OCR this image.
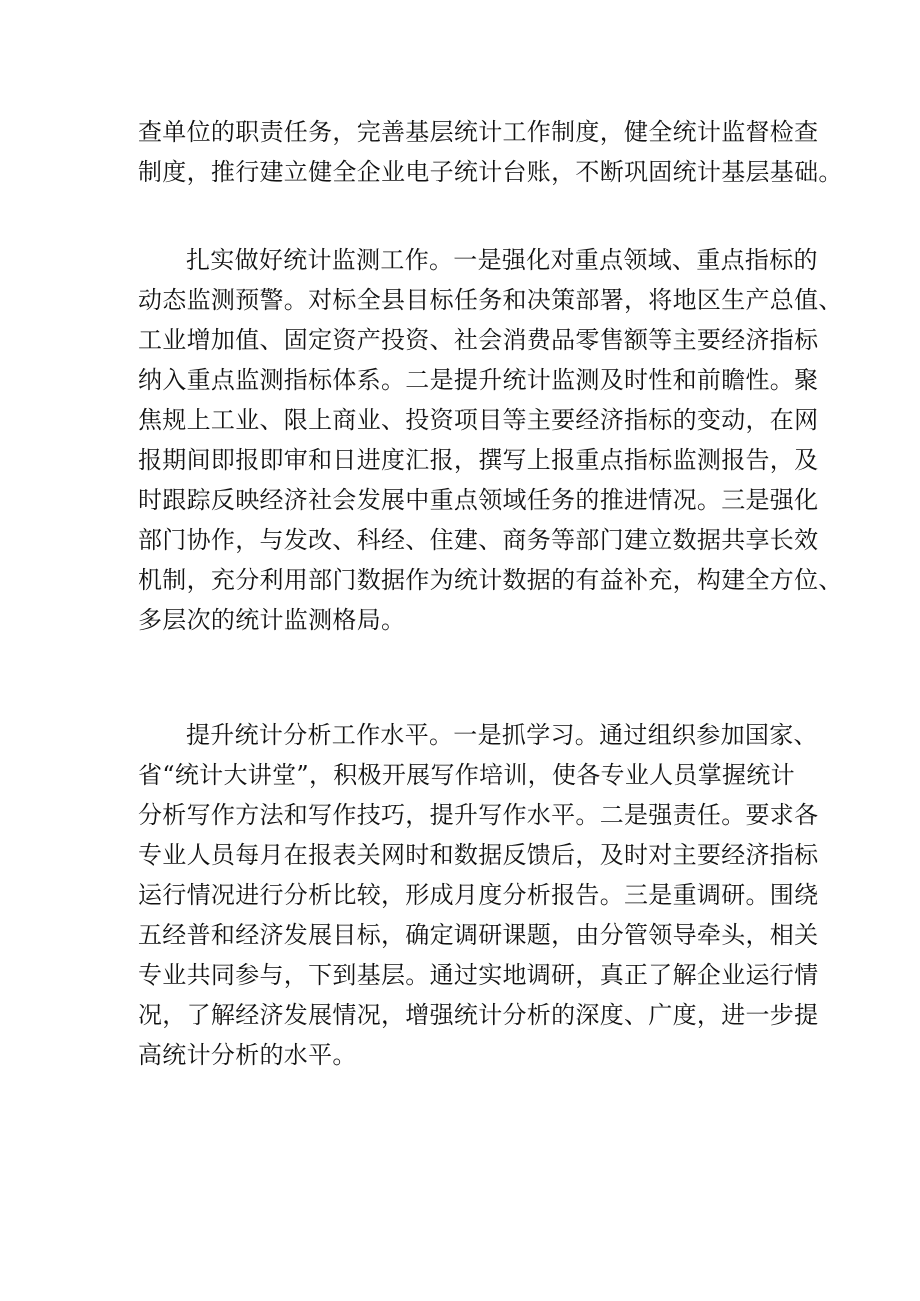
查单位的职责任务，完善基层统计工作制度，健全统计监督检查
制度，推行建立健全企业电子统计台账，不断巩固统计基层基础。
扎实做好统计监测工作。一是强化对重点领域、重点指标的
动态监测预警。对标全县目标任务和决策部署，将地区生产总值、
工业增加值、固定资产投资、社会消费品零售额等主要经济指标
纳入重点监测指标体系。二是提升统计监测及时性和前瞻性。聚
焦规上工业、限上商业、投资项目等主要经济指标的变动，在网
报期间即报即审和日进度汇报，撰写上报重点指标监测报告，及
时跟踪反映经济社会发展中重点领域任务的推进情况。三是强化
部门协作，与发改、科经、住建、商务等部门建立数据共享长效
机制，充分利用部门数据作为统计数据的有益补充，构建全方位、
多层次的统计监测格局。
提升统计分析工作水平。一是抓学习。通过组织参加国家、
省“统计大讲堂”，积极开展写作培训，使各专业人员掌握统计
分析写作方法和写作技巧，提升写作水平。二是强责任。要求各
专业人员每月在报表关网时和数据反馈后，及时对主要经济指标
运行情况进行分析比较，形成月度分析报告。三是重调研。围绕
五经普和经济发展目标，确定调研课题，由分管领导牵头，相关
专业共同参与，下到基层。通过实地调研，真正了解企业运行情
况，了解经济发展情况，增强统计分析的深度、广度，进一步提
高统计分析的水平。
